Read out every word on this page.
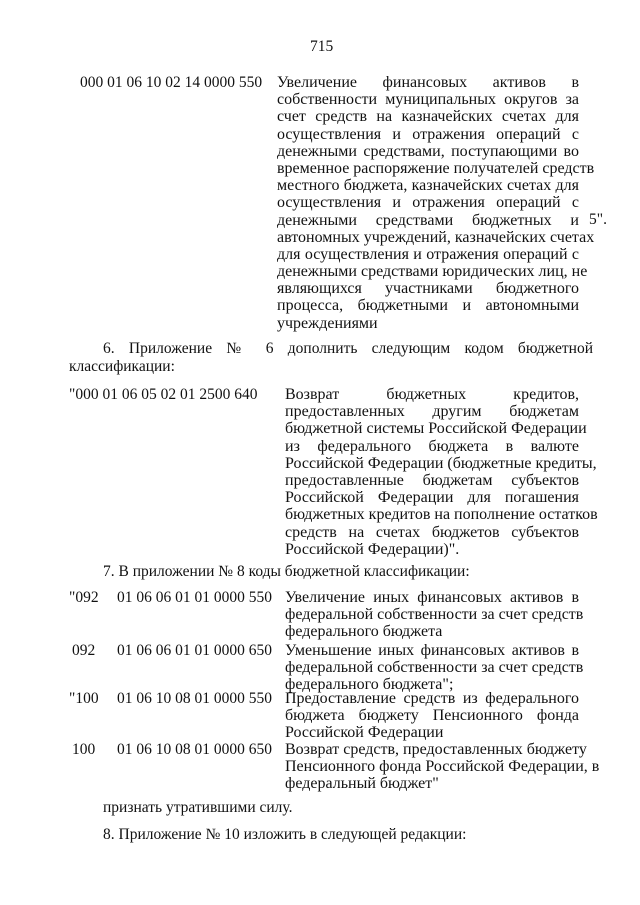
715
000 01 06 10 02 14 0000 550 Увеличение финансовых активов в
собственности муниципальных округов за
счет средств на казначейских счетах для
осуществления и отражения операций с
денежными средствами, поступающими во
временное распоряжение получателей средств
местного бюджета, казначейских счетах для
осуществления и отражения операций с
денежными средствами бюджетных и
автономных учреждений, казначейских счетах
для осуществления и отражения операций с
денежными средствами юридических лиц, не
являющихся участниками бюджетного
процесса, бюджетными и автономными
учреждениями
5".
6. Приложение № 6 дополнить следующим кодом бюджетной
классификации:
"000 01 06 05 02 01 2500 640 Возврат бюджетных кредитов,
предоставленных другим бюджетам
бюджетной системы Российской Федерации
из федерального бюджета в валюте
Российской Федерации (бюджетные кредиты,
предоставленные бюджетам субъектов
Российской Федерации для погашения
бюджетных кредитов на пополнение остатков
средств на счетах бюджетов субъектов
Российской Федерации)".
7. В приложении № 8 коды бюджетной классификации:
"092 01 06 06 01 01 0000 550 Увеличение иных финансовых активов в
федеральной собственности за счет средств
федерального бюджета
092 01 06 06 01 01 0000 650 Уменьшение иных финансовых активов в
федеральной собственности за счет средств
федерального бюджета";
"100 01 06 10 08 01 0000 550 Предоставление средств из федерального
бюджета бюджету Пенсионного фонда
Российской Федерации
100 01 06 10 08 01 0000 650 Возврат средств, предоставленных бюджету
Пенсионного фонда Российской Федерации, в
федеральный бюджет"
признать утратившими силу.
8. Приложение № 10 изложить в следующей редакции:
